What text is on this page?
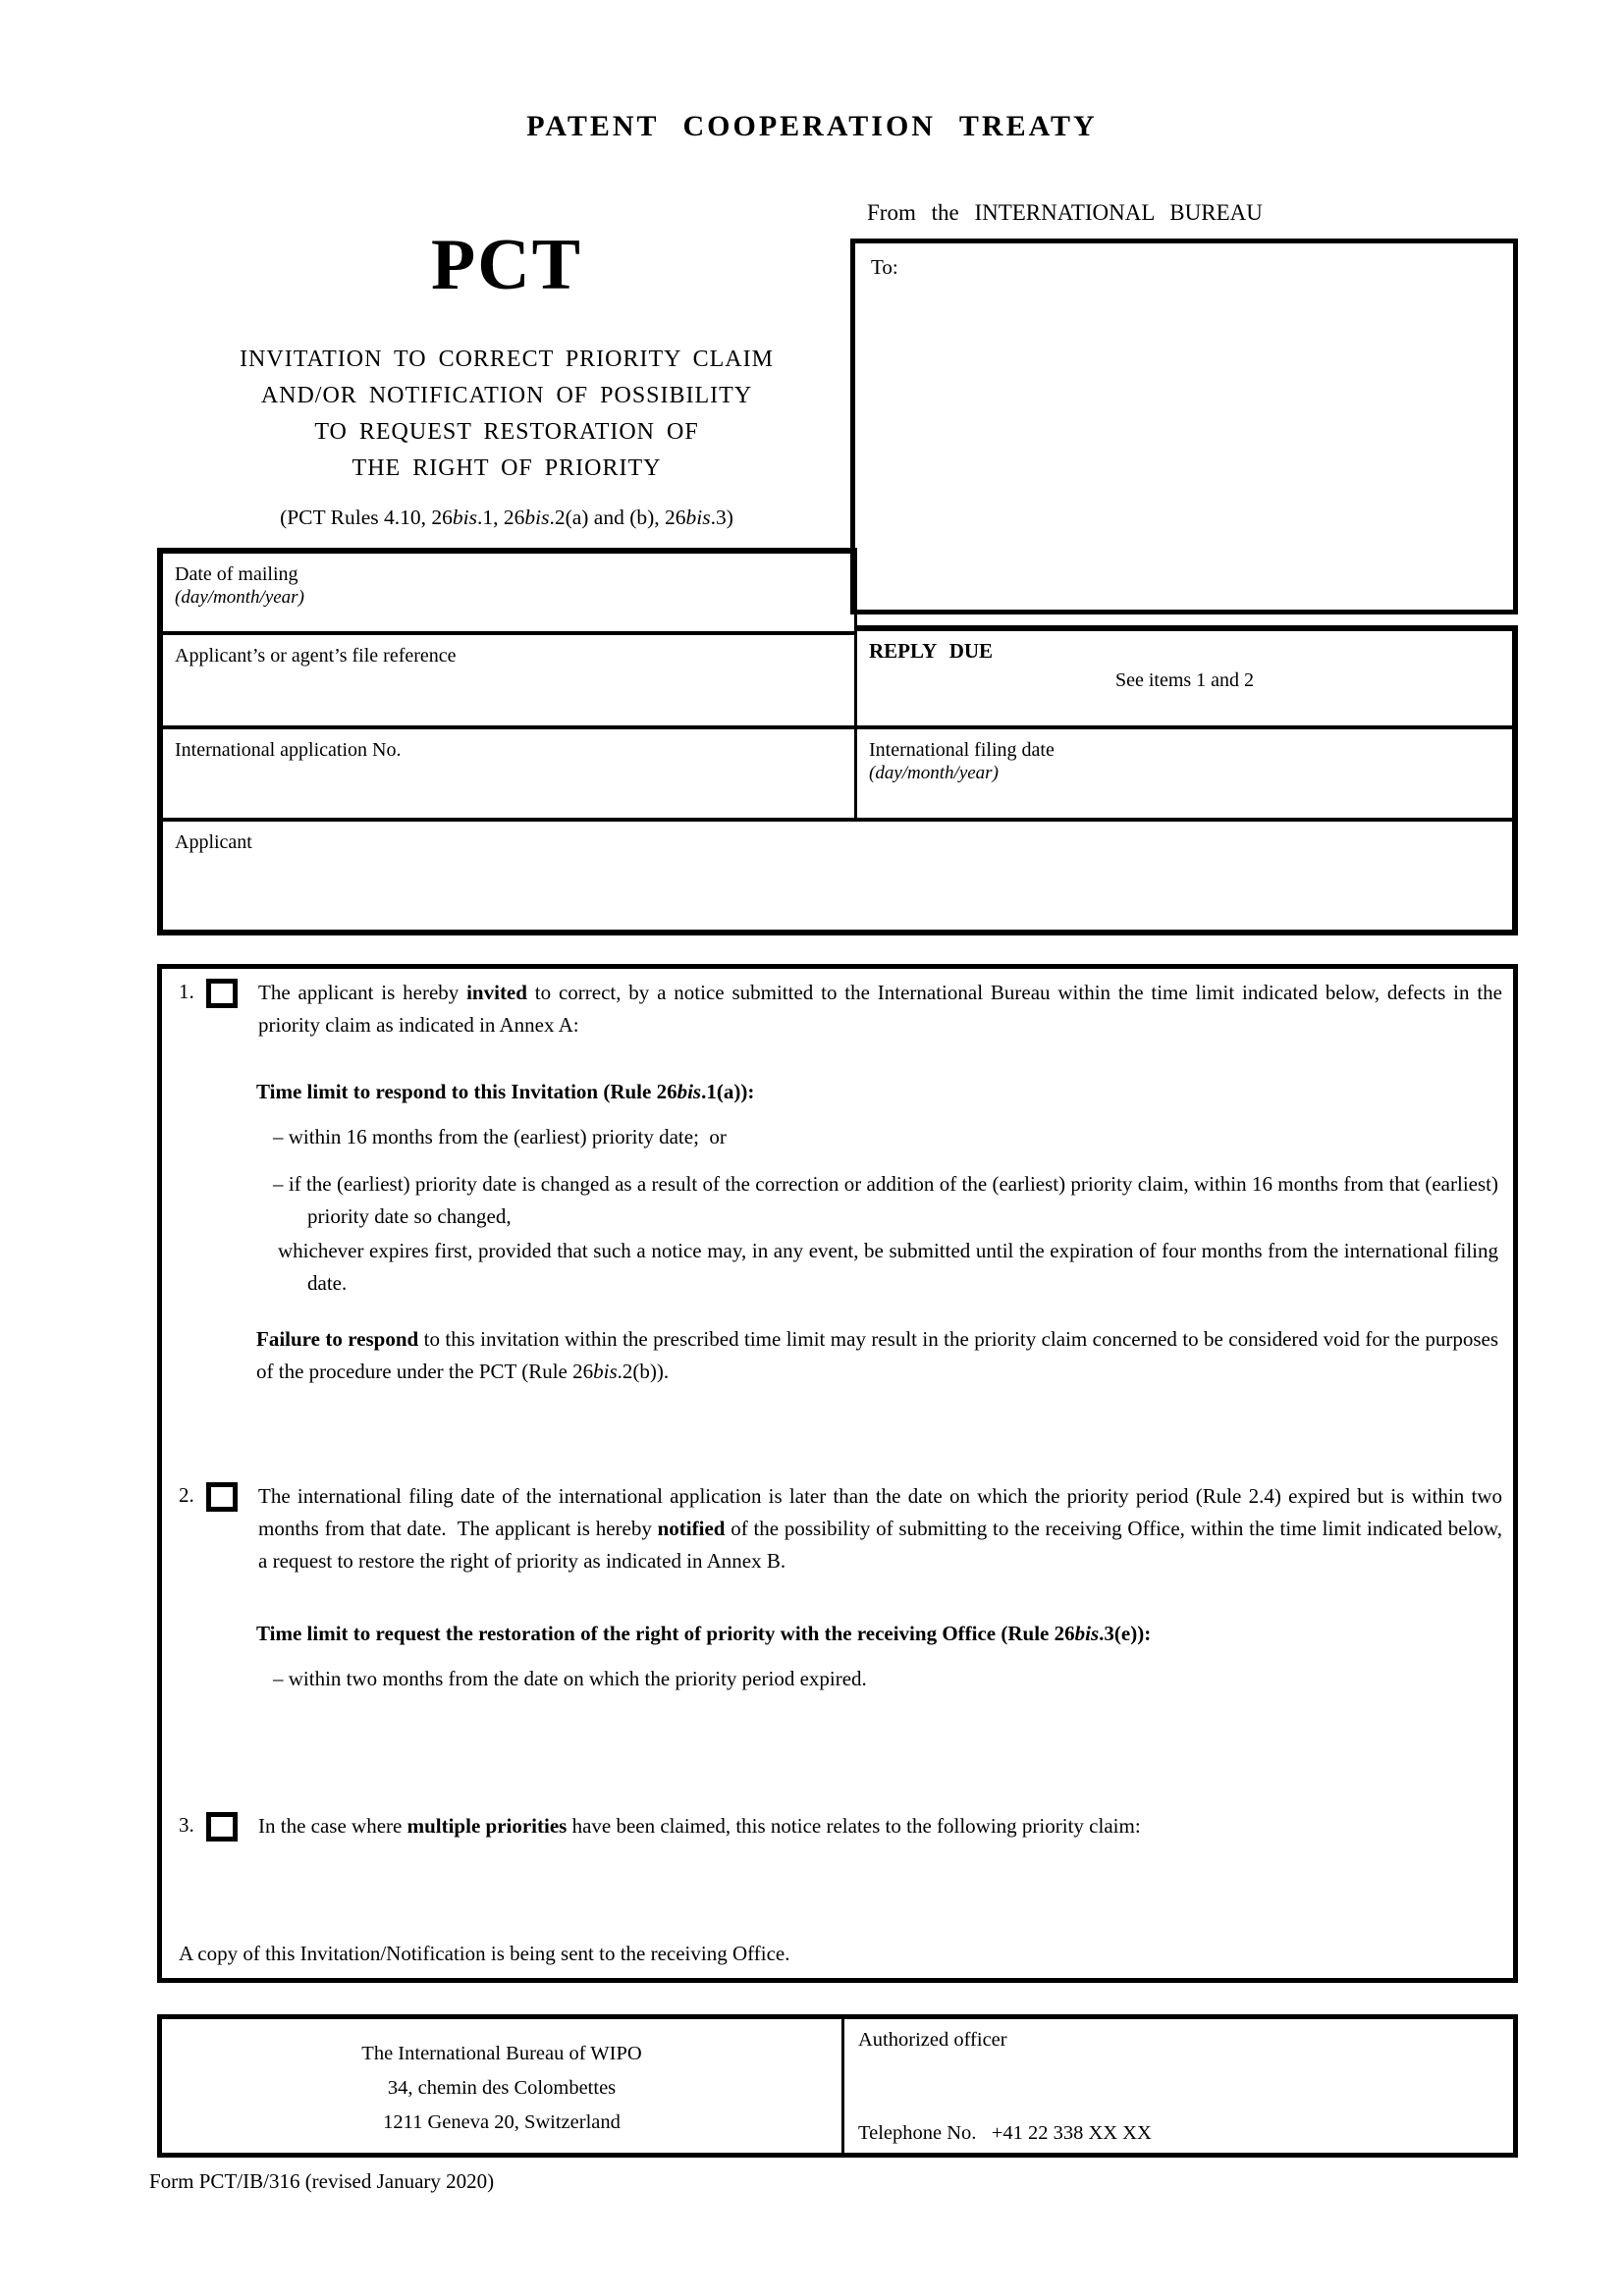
PATENT COOPERATION TREATY
From the INTERNATIONAL BUREAU
To:
PCT
INVITATION TO CORRECT PRIORITY CLAIM
AND/OR NOTIFICATION OF POSSIBILITY
TO REQUEST RESTORATION OF
THE RIGHT OF PRIORITY
(PCT Rules 4.10, 26bis.1, 26bis.2(a) and (b), 26bis.3)
Date of mailing
(day/month/year)
Applicant’s or agent’s file reference	REPLY DUE
See items 1 and 2
International application No.	International filing date
(day/month/year)
Applicant
1.	The applicant is hereby invited to correct, by a notice submitted to the International Bureau within the time limit indicated below, defects in the priority claim as indicated in Annex A:
Time limit to respond to this Invitation (Rule 26bis.1(a)):
– within 16 months from the (earliest) priority date;  or
– if the (earliest) priority date is changed as a result of the correction or addition of the (earliest) priority claim, within 16 months from that (earliest) priority date so changed,
whichever expires first, provided that such a notice may, in any event, be submitted until the expiration of four months from the international filing date.
Failure to respond to this invitation within the prescribed time limit may result in the priority claim concerned to be considered void for the purposes of the procedure under the PCT (Rule 26bis.2(b)).
2.	The international filing date of the international application is later than the date on which the priority period (Rule 2.4) expired but is within two months from that date.  The applicant is hereby notified of the possibility of submitting to the receiving Office, within the time limit indicated below, a request to restore the right of priority as indicated in Annex B.
Time limit to request the restoration of the right of priority with the receiving Office (Rule 26bis.3(e)):
– within two months from the date on which the priority period expired.
3.	In the case where multiple priorities have been claimed, this notice relates to the following priority claim:
A copy of this Invitation/Notification is being sent to the receiving Office.
The International Bureau of WIPO
34, chemin des Colombettes
1211 Geneva 20, Switzerland
Authorized officer
Telephone No.   +41 22 338 XX XX
Form PCT/IB/316 (revised January 2020)
